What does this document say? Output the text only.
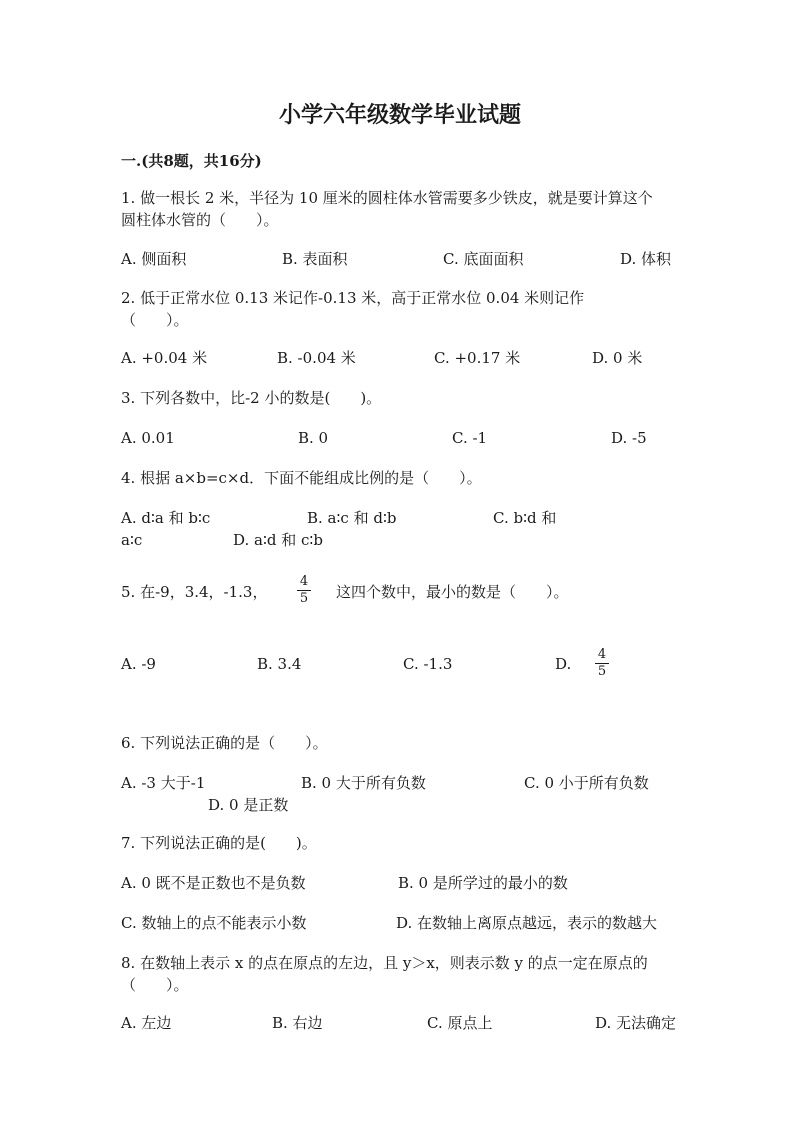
小学六年级数学毕业试题
一.(共8题，共16分)
1. 做一根长 2 米，半径为 10 厘米的圆柱体水管需要多少铁皮，就是要计算这个
圆柱体水管的（　　）。
A. 侧面积	B. 表面积	C. 底面面积	D. 体积
2. 低于正常水位 0.13 米记作-0.13 米，高于正常水位 0.04 米则记作
（　　）。
A. +0.04 米	B. -0.04 米	C. +0.17 米	D. 0 米
3. 下列各数中，比-2 小的数是(　　)。
A. 0.01	B. 0	C. -1	D. -5
4. 根据 a×b=c×d．下面不能组成比例的是（　　）。
A. d∶a 和 b∶c	B. a∶c 和 d∶b	C. b∶d 和
a∶c	D. a∶d 和 c∶b
5. 在-9，3.4，-1.3，
4
5 这四个数中，最小的数是（　　）。
A. -9	B. 3.4	C. -1.3	D.
4
5
6. 下列说法正确的是（　　）。
A. -3 大于-1	B. 0 大于所有负数	C. 0 小于所有负数
D. 0 是正数
7. 下列说法正确的是(　　)。
A. 0 既不是正数也不是负数	B. 0 是所学过的最小的数
C. 数轴上的点不能表示小数	D. 在数轴上离原点越远，表示的数越大
8. 在数轴上表示 x 的点在原点的左边，且 y＞x，则表示数 y 的点一定在原点的
（　　）。
A. 左边	B. 右边	C. 原点上	D. 无法确定
